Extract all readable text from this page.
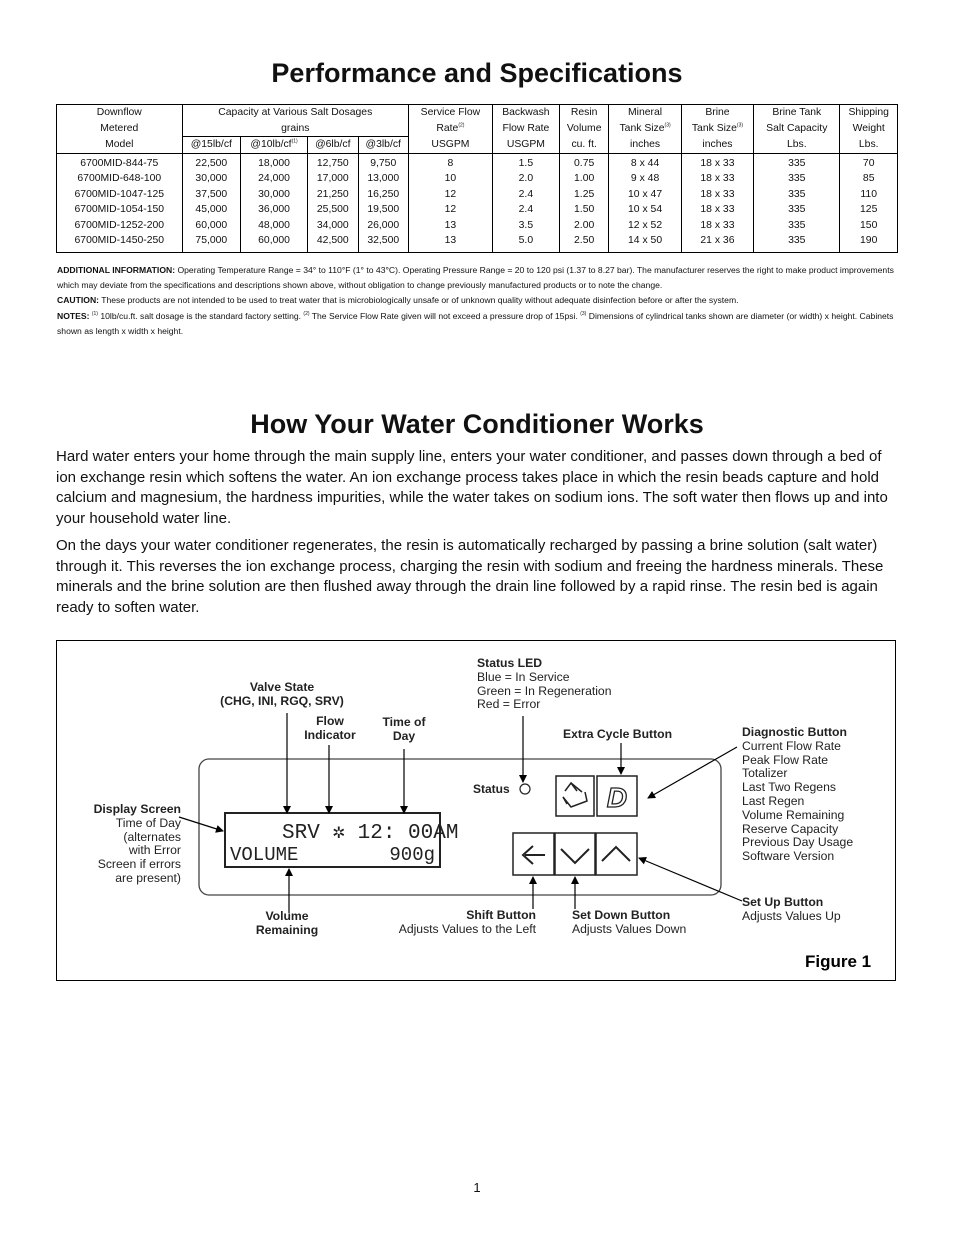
Performance and Specifications
Downflow	Capacity at Various Salt Dosages				Service Flow	Backwash	Resin	Mineral	Brine	Brine Tank	Shipping
Metered	grains				Rate$^{(2)}$	Flow Rate	Volume	Tank Size$^{(3)}$	Tank Size$^{(3)}$	Salt Capacity	Weight
Model	@15lb/cf	$@10lb/cf^{(1)}$	@6lb/cf	@3lb/cf	USGPM	USGPM	cu. ft.	inches	inches	Lbs.	Lbs.
6700MID-844-75	22,500	18,000	12,750	9,750	8	1.5	0.75	8 x 44	18 x 33	335	70
6700MID-648-100	30,000	24,000	17,000	13,000	10	2.0	1.00	9 x 48	18 x 33	335	85
6700MID-1047-125	37,500	30,000	21,250	16,250	12	2.4	1.25	10 x 47	18 x 33	335	110
6700MID-1054-150	45,000	36,000	25,500	19,500	12	2.4	1.50	10 x 54	18 x 33	335	125
6700MID-1252-200	60,000	48,000	34,000	26,000	13	3.5	2.00	12 x 52	18 x 33	335	150
6700MID-1450-250	75,000	60,000	42,500	32,500	13	5.0	2.50	14 x 50	21 x 36	335	190

ADDITIONAL INFORMATION: Operating Temperature Range = 34° to 110°F (1° to 43°C). Operating Pressure Range = 20 to 120 psi (1.37 to 8.27 bar). The manufacturer reserves the right to make product improvements which may deviate from the specifications and descriptions shown above, without obligation to change previously manufactured products or to note the change.

CAUTION: These products are not intended to be used to treat water that is microbiologically unsafe or of unknown quality without adequate disinfection before or after the system.

NOTES: $^{(1)}$ 10lb/cu.ft. salt dosage is the standard factory setting. $^{(2)}$ The Service Flow Rate given will not exceed a pressure drop of 15psi. $^{(3)}$ Dimensions of cylindrical tanks shown are diameter (or width) x height. Cabinets shown as length x width x height.

How Your Water Conditioner Works

Hard water enters your home through the main supply line, enters your water conditioner, and passes down through a bed of ion exchange resin which softens the water. An ion exchange process takes place in which the resin beads capture and hold calcium and magnesium, the hardness impurities, while the water takes on sodium ions. The soft water then flows up and into your household water line.

On the days your water conditioner regenerates, the resin is automatically recharged by passing a brine solution (salt water) through it. This reverses the ion exchange process, charging the resin with sodium and freeing the hardness minerals. These minerals and the brine solution are then flushed away through the drain line followed by a rapid rinse. The resin bed is again ready to soften water.

SRV ✲ 12: 00AM
VOLUME	900g
Status	D
Status LED
Blue = In Service
Green = In Regeneration
Red = Error
Valve State
(CHG, INI, RGQ, SRV)
Flow
Indicator
Time of
Day	Extra Cycle Button	Diagnostic Button
Current Flow Rate
Peak Flow Rate
Totalizer
Last Two Regens
Last Regen
Volume Remaining
Reserve Capacity
Previous Day Usage
Software Version
Display Screen
Time of Day
(alternates
with Error
Screen if errors
are present)
Volume
Remaining
Shift Button
Adjusts Values to the Left
Set Down Button
Adjusts Values Down
Set Up Button
Adjusts Values Up
Figure 1
1
